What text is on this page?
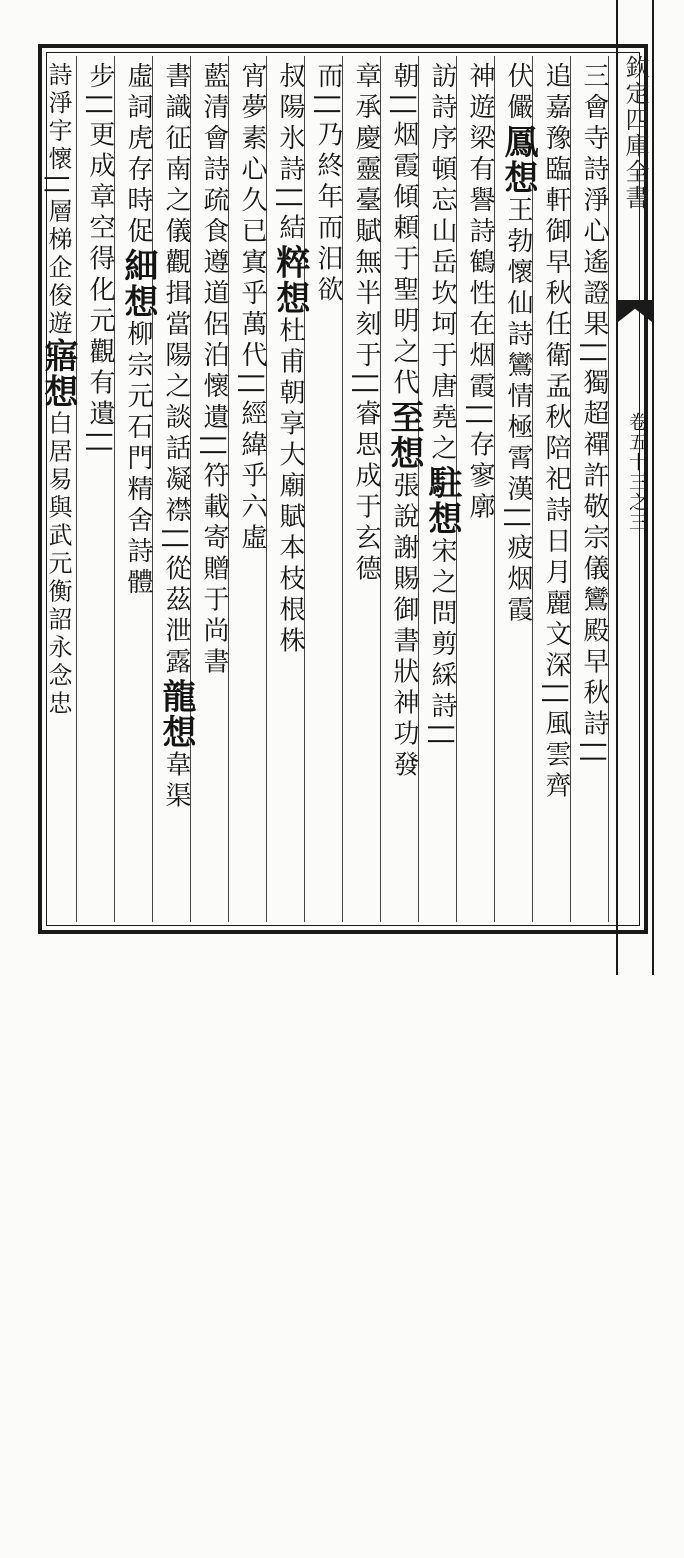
欽定四庫全書
卷五十三之三
三會寺詩淨心遙證果||獨超禪許敬宗儀鸞殿早秋詩||
追嘉豫臨軒御早秋任衛孟秋陪祀詩日月麗文深||風雲齊
伏儼鳳想王勃懷仙詩鸞情極霄漢||疲烟霞
神遊梁有譽詩鶴性在烟霞||存寥廓
訪詩序頓忘山岳坎坷于唐堯之駐想宋之問剪綵詩||
朝||烟霞傾頼于聖明之代至想張說謝賜御書狀神功發
章承慶靈臺賦無半刻于||睿思成于玄德
而||乃終年而汨欲
叔陽氷詩||結粹想杜甫朝享大廟賦本枝根株
宵夢素心久已寘乎萬代||經緯乎六虛
藍清會詩疏食遵道侶泊懷遺||符載寄贈于尚書
書識征南之儀觀揖當陽之談話凝襟||從茲泄露龍想韋渠
虛詞虎存時促細想柳宗元石門精舍詩體
步||更成章空得化元觀有遺||
詩淨宇懷||層梯企俊遊寤想白居易與武元衡詔永念忠
